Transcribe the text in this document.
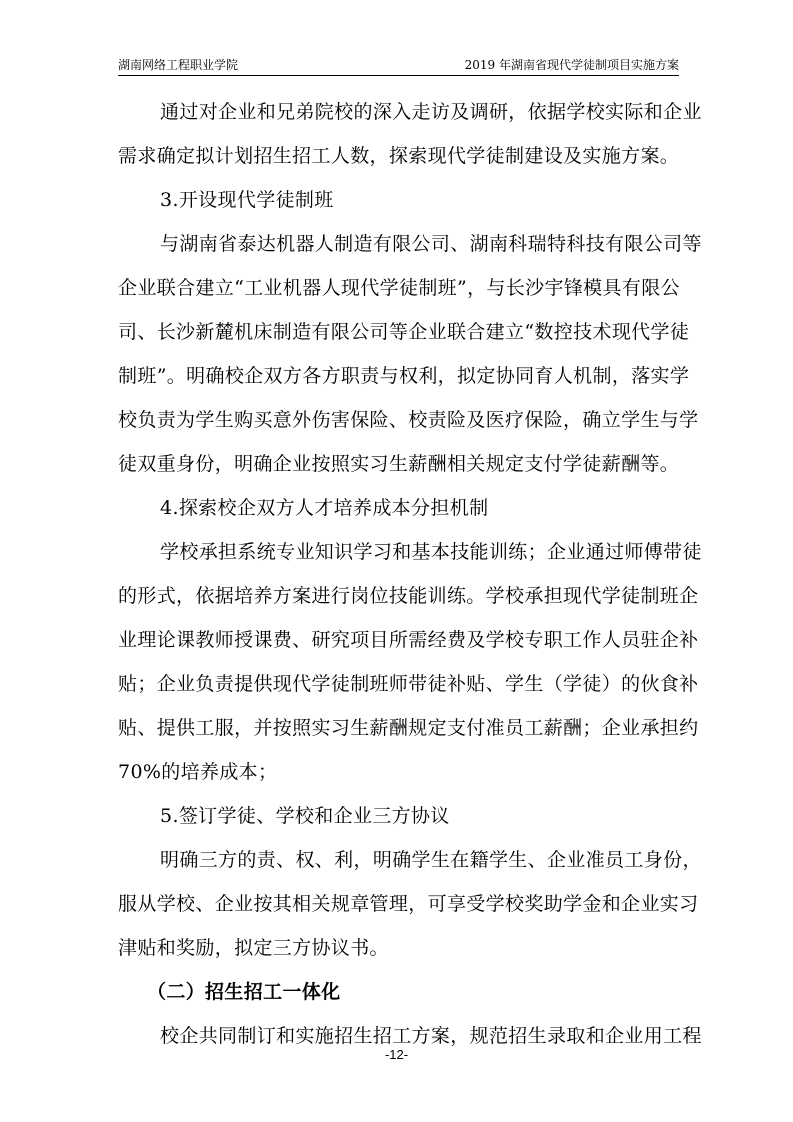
湖南网络工程职业学院	2019 年湖南省现代学徒制项目实施方案
通过对企业和兄弟院校的深入走访及调研，依据学校实际和企业
需求确定拟计划招生招工人数，探索现代学徒制建设及实施方案。
3.开设现代学徒制班
与湖南省泰达机器人制造有限公司、湖南科瑞特科技有限公司等
企业联合建立“工业机器人现代学徒制班”，与长沙宇锋模具有限公
司、长沙新麓机床制造有限公司等企业联合建立“数控技术现代学徒
制班”。明确校企双方各方职责与权利，拟定协同育人机制，落实学
校负责为学生购买意外伤害保险、校责险及医疗保险，确立学生与学
徒双重身份，明确企业按照实习生薪酬相关规定支付学徒薪酬等。
4.探索校企双方人才培养成本分担机制
学校承担系统专业知识学习和基本技能训练；企业通过师傅带徒
的形式，依据培养方案进行岗位技能训练。学校承担现代学徒制班企
业理论课教师授课费、研究项目所需经费及学校专职工作人员驻企补
贴；企业负责提供现代学徒制班师带徒补贴、学生（学徒）的伙食补
贴、提供工服，并按照实习生薪酬规定支付准员工薪酬；企业承担约
70%的培养成本；
5.签订学徒、学校和企业三方协议
明确三方的责、权、利，明确学生在籍学生、企业准员工身份，
服从学校、企业按其相关规章管理，可享受学校奖助学金和企业实习
津贴和奖励，拟定三方协议书。
（二）招生招工一体化
校企共同制订和实施招生招工方案，规范招生录取和企业用工程
-12-
